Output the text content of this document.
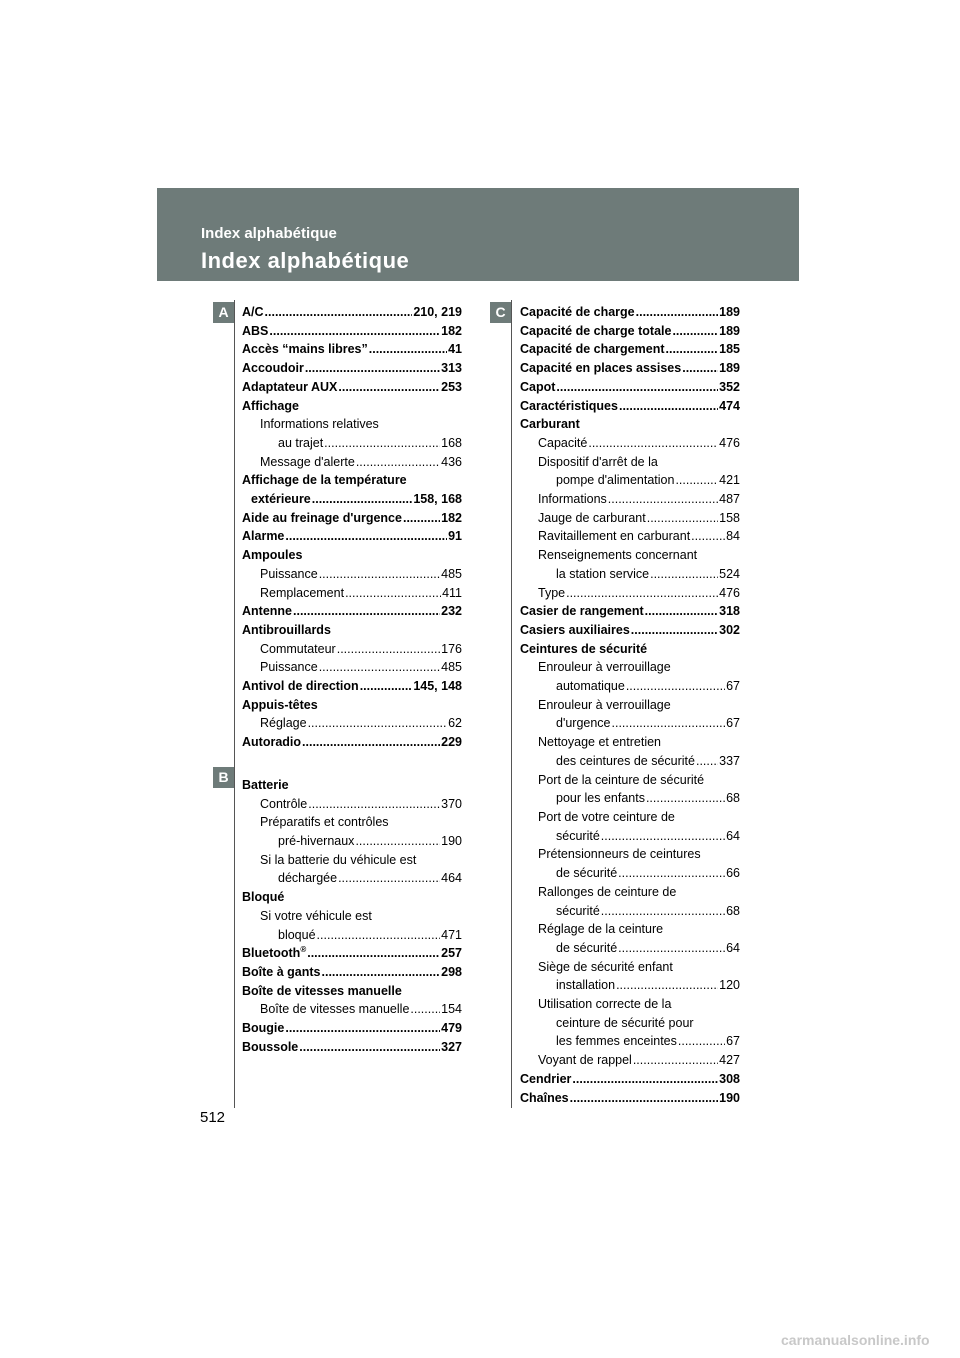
Index alphabétique
Index alphabétique
A
B
C
A/C .....	210, 219
ABS .....	182
Accès “mains libres” .....	41
Accoudoir .....	313
Adaptateur AUX .....	253
Affichage
Informations relatives
au trajet .....	168
Message d'alerte .....	436
Affichage de la température
extérieure .....	158, 168
Aide au freinage d'urgence .....	182
Alarme .....	91
Ampoules
Puissance .....	485
Remplacement .....	411
Antenne .....	232
Antibrouillards
Commutateur .....	176
Puissance .....	485
Antivol de direction .....	145, 148
Appuis-têtes
Réglage .....	62
Autoradio .....	229
Batterie
Contrôle .....	370
Préparatifs et contrôles
pré-hivernaux .....	190
Si la batterie du véhicule est
déchargée .....	464
Bloqué
Si votre véhicule est
bloqué .....	471
Bluetooth® .....	257
Boîte à gants .....	298
Boîte de vitesses manuelle
Boîte de vitesses manuelle .....	154
Bougie .....	479
Boussole .....	327
Capacité de charge .....	189
Capacité de charge totale .....	189
Capacité de chargement .....	185
Capacité en places assises .....	189
Capot .....	352
Caractéristiques .....	474
Carburant
Capacité .....	476
Dispositif d'arrêt de la
pompe d'alimentation .....	421
Informations .....	487
Jauge de carburant .....	158
Ravitaillement en carburant .....	84
Renseignements concernant
la station service .....	524
Type .....	476
Casier de rangement .....	318
Casiers auxiliaires .....	302
Ceintures de sécurité
Enrouleur à verrouillage
automatique .....	67
Enrouleur à verrouillage
d'urgence .....	67
Nettoyage et entretien
des ceintures de sécurité ..... 337
Port de la ceinture de sécurité
pour les enfants .....	68
Port de votre ceinture de
sécurité .....	64
Prétensionneurs de ceintures
de sécurité .....	66
Rallonges de ceinture de
sécurité .....	68
Réglage de la ceinture
de sécurité .....	64
Siège de sécurité enfant
installation .....	120
Utilisation correcte de la
ceinture de sécurité pour
les femmes enceintes .....	67
Voyant de rappel .....	427
Cendrier .....	308
Chaînes .....	190
512
carmanualsonline.info
